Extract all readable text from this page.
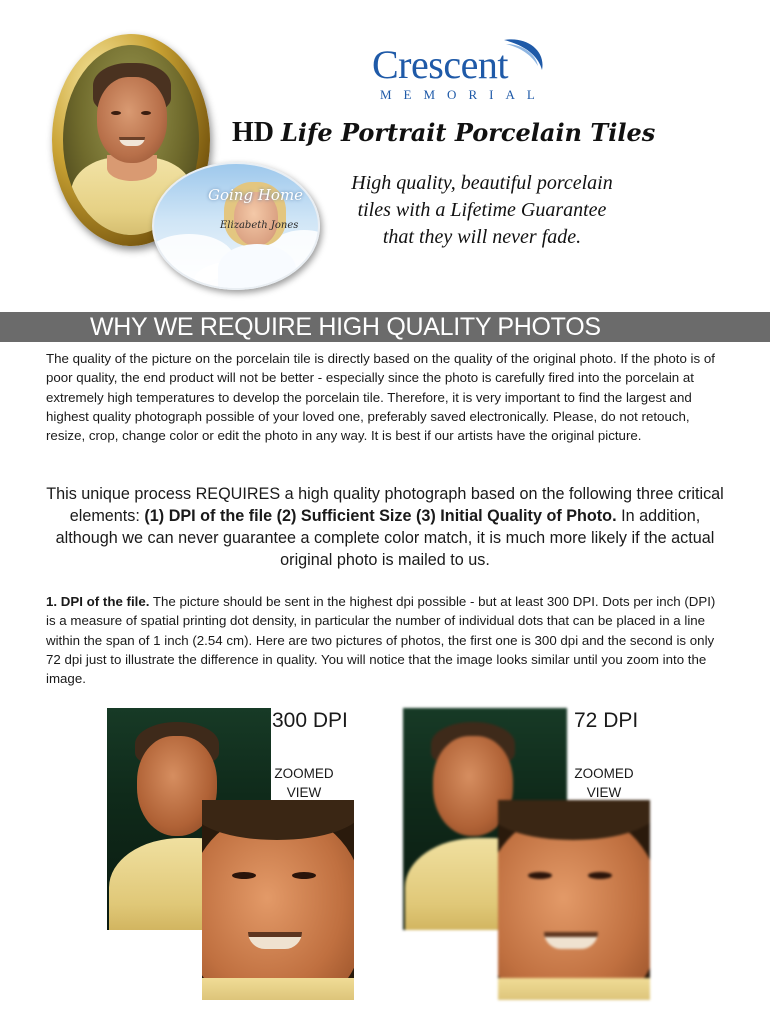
Going Home
Elizabeth Jones
Crescent
MEMORIAL
HD Life Portrait Porcelain Tiles
High quality, beautiful porcelain
tiles with a Lifetime Guarantee
that they will never fade.
WHY WE REQUIRE HIGH QUALITY PHOTOS
The quality of the picture on the porcelain tile is directly based on the quality of the original photo. If the photo is of poor quality, the end product will not be better - especially since the photo is carefully fired into the porcelain at extremely high temperatures to develop the porcelain tile. Therefore, it is very important to find the largest and highest quality photograph possible of your loved one, preferably saved electronically. Please, do not retouch, resize, crop, change color or edit the photo in any way. It is best if our artists have the original picture.
This unique process REQUIRES a high quality photograph based on the following three critical elements: (1) DPI of the file (2) Sufficient Size (3) Initial Quality of Photo. In addition, although we can never guarantee a complete color match, it is much more likely if the actual original photo is mailed to us.
1. DPI of the file. The picture should be sent in the highest dpi possible - but at least 300 DPI. Dots per inch (DPI) is a measure of spatial printing dot density, in particular the number of individual dots that can be placed in a line within the span of 1 inch (2.54 cm). Here are two pictures of photos, the first one is 300 dpi and the second is only 72 dpi just to illustrate the difference in quality. You will notice that the image looks similar until you zoom into the image.
300 DPI
ZOOMED
VIEW
72 DPI
ZOOMED
VIEW
